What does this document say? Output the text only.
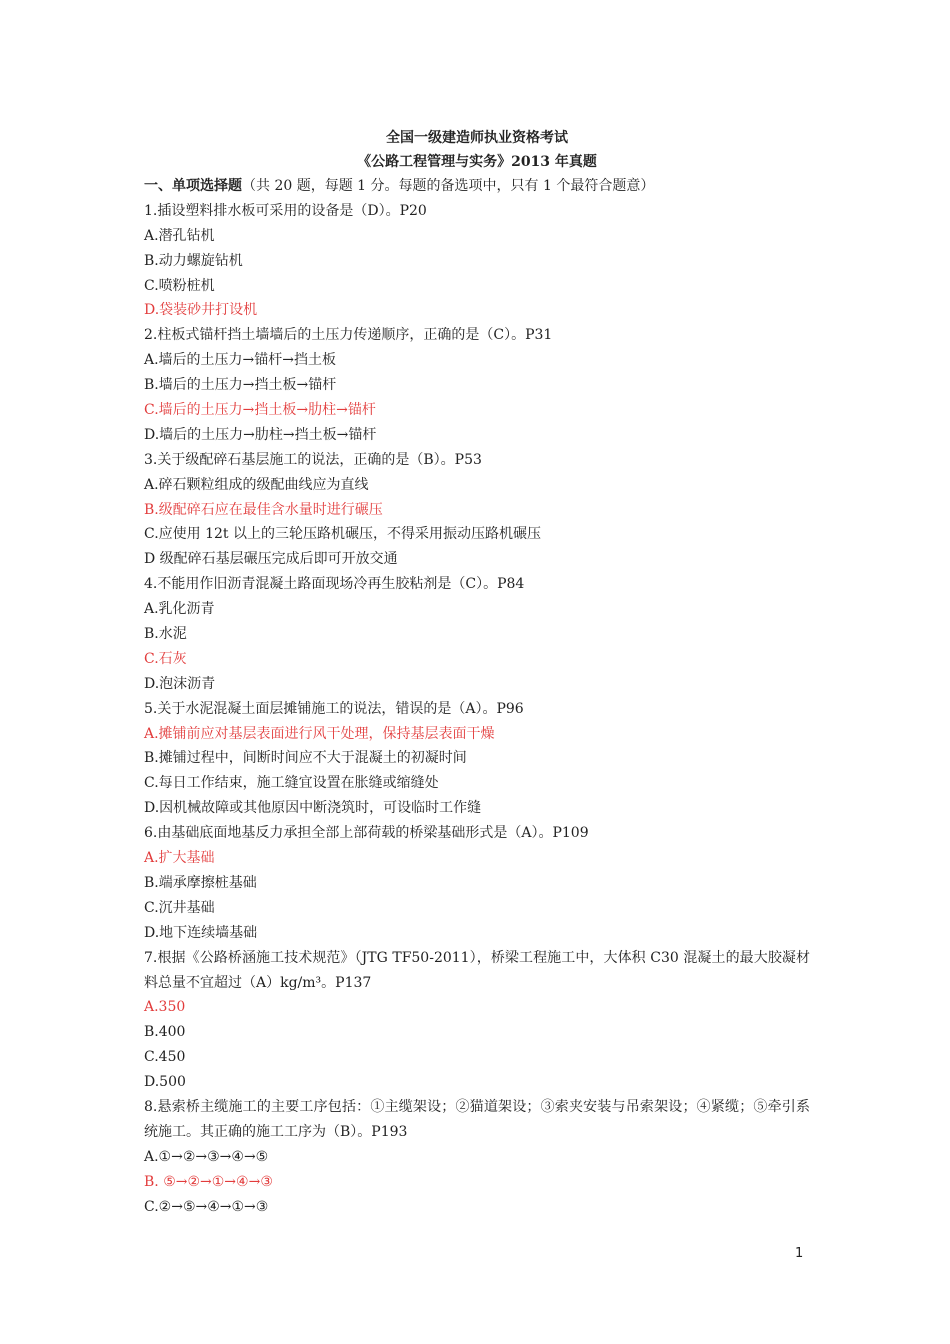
全国一级建造师执业资格考试
《公路工程管理与实务》2013 年真题
一、单项选择题（共 20 题，每题 1 分。每题的备选项中，只有 1 个最符合题意）
1.插设塑料排水板可采用的设备是（D）。P20
A.潜孔钻机
B.动力螺旋钻机
C.喷粉桩机
D.袋装砂井打设机
2.柱板式锚杆挡土墙墙后的土压力传递顺序，正确的是（C）。P31
A.墙后的土压力→锚杆→挡土板
B.墙后的土压力→挡土板→锚杆
C.墙后的土压力→挡土板→肋柱→锚杆
D.墙后的土压力→肋柱→挡土板→锚杆
3.关于级配碎石基层施工的说法，正确的是（B）。P53
A.碎石颗粒组成的级配曲线应为直线
B.级配碎石应在最佳含水量时进行碾压
C.应使用 12t 以上的三轮压路机碾压，不得采用振动压路机碾压
D 级配碎石基层碾压完成后即可开放交通
4.不能用作旧沥青混凝土路面现场冷再生胶粘剂是（C）。P84
A.乳化沥青
B.水泥
C.石灰
D.泡沫沥青
5.关于水泥混凝土面层摊铺施工的说法，错误的是（A）。P96
A.摊铺前应对基层表面进行风干处理，保持基层表面干燥
B.摊铺过程中，间断时间应不大于混凝土的初凝时间
C.每日工作结束，施工缝宜设置在胀缝或缩缝处
D.因机械故障或其他原因中断浇筑时，可设临时工作缝
6.由基础底面地基反力承担全部上部荷载的桥梁基础形式是（A）。P109
A.扩大基础
B.端承摩擦桩基础
C.沉井基础
D.地下连续墙基础
7.根据《公路桥涵施工技术规范》（JTG TF50-2011），桥梁工程施工中，大体积 C30 混凝土的最大胶凝材料总量不宜超过（A）kg/m³。P137
A.350
B.400
C.450
D.500
8.悬索桥主缆施工的主要工序包括：①主缆架设；②猫道架设；③索夹安装与吊索架设；④紧缆；⑤牵引系统施工。其正确的施工工序为（B）。P193
A.①→②→③→④→⑤
B. ⑤→②→①→④→③
C.②→⑤→④→①→③
1
